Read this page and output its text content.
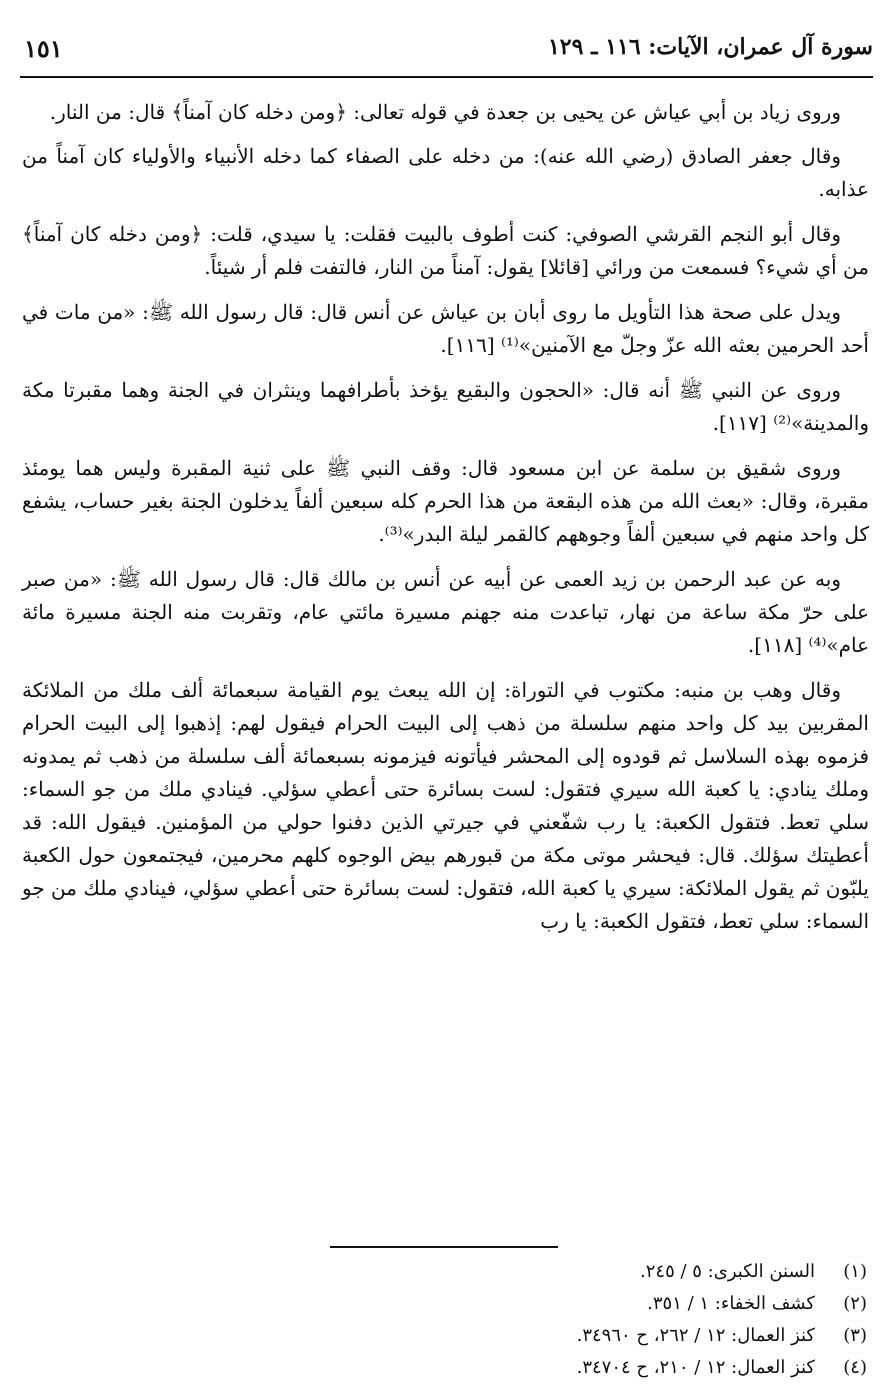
سورة آل عمران، الآيات: ١١٦ ـ ١٢٩
١٥١

وروى زياد بن أبي عياش عن يحيى بن جعدة في قوله تعالى: ﴿ومن دخله كان آمناً﴾ قال: من النار.

وقال جعفر الصادق (رضي الله عنه): من دخله على الصفاء كما دخله الأنبياء والأولياء كان آمناً من عذابه.

وقال أبو النجم القرشي الصوفي: كنت أطوف بالبيت فقلت: يا سيدي، قلت: ﴿ومن دخله كان آمناً﴾ من أي شيء؟ فسمعت من ورائي [قائلا] يقول: آمناً من النار، فالتفت فلم أر شيئاً.

ويدل على صحة هذا التأويل ما روى أبان بن عياش عن أنس قال: قال رسول الله ﷺ: «من مات في أحد الحرمين بعثه الله عزّ وجلّ مع الآمنين»⁽¹⁾ [١١٦].

وروى عن النبي ﷺ أنه قال: «الحجون والبقيع يؤخذ بأطرافهما وينثران في الجنة وهما مقبرتا مكة والمدينة»⁽²⁾ [١١٧].

وروى شقيق بن سلمة عن ابن مسعود قال: وقف النبي ﷺ على ثنية المقبرة وليس هما يومئذ مقبرة، وقال: «بعث الله من هذه البقعة من هذا الحرم كله سبعين ألفاً يدخلون الجنة بغير حساب، يشفع كل واحد منهم في سبعين ألفاً وجوههم كالقمر ليلة البدر»⁽³⁾.

وبه عن عبد الرحمن بن زيد العمى عن أبيه عن أنس بن مالك قال: قال رسول الله ﷺ: «من صبر على حرّ مكة ساعة من نهار، تباعدت منه جهنم مسيرة مائتي عام، وتقربت منه الجنة مسيرة مائة عام»⁽⁴⁾ [١١٨].

وقال وهب بن منبه: مكتوب في التوراة: إن الله يبعث يوم القيامة سبعمائة ألف ملك من الملائكة المقربين بيد كل واحد منهم سلسلة من ذهب إلى البيت الحرام فيقول لهم: إذهبوا إلى البيت الحرام فزموه بهذه السلاسل ثم قودوه إلى المحشر فيأتونه فيزمونه بسبعمائة ألف سلسلة من ذهب ثم يمدونه وملك ينادي: يا كعبة الله سيري فتقول: لست بسائرة حتى أعطي سؤلي. فينادي ملك من جو السماء: سلي تعط. فتقول الكعبة: يا رب شفّعني في جيرتي الذين دفنوا حولي من المؤمنين. فيقول الله: قد أعطيتك سؤلك. قال: فيحشر موتى مكة من قبورهم بيض الوجوه كلهم محرمين، فيجتمعون حول الكعبة يلبّون ثم يقول الملائكة: سيري يا كعبة الله، فتقول: لست بسائرة حتى أعطي سؤلي، فينادي ملك من جو السماء: سلي تعط، فتقول الكعبة: يا رب

(١)
السنن الكبرى: ٥ / ٢٤٥.
(٢)
كشف الخفاء: ١ / ٣٥١.
(٣)
كنز العمال: ١٢ / ٢٦٢، ح ٣٤٩٦٠.
(٤)
كنز العمال: ١٢ / ٢١٠، ح ٣٤٧٠٤.
